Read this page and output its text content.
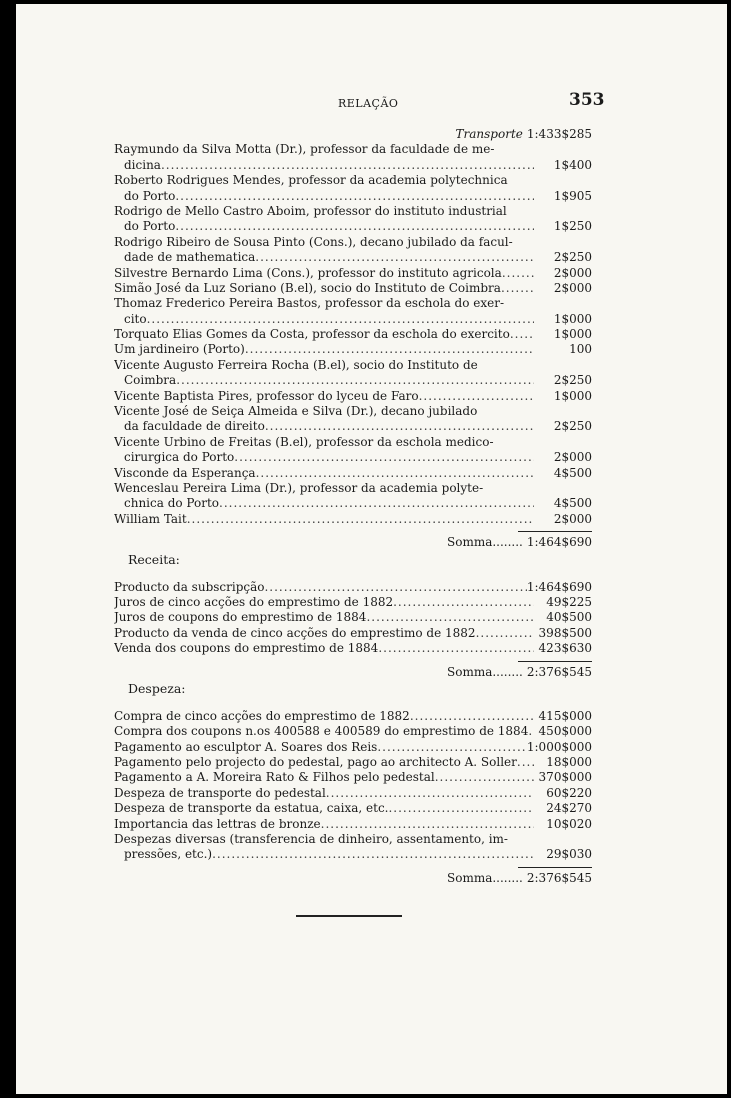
RELAÇÃO	353
Transporte 1:433$285
Raymundo da Silva Motta (Dr.), professor da faculdade de me-
dicina .....	1$400
Roberto Rodrigues Mendes, professor da academia polytechnica
do Porto .....	1$905
Rodrigo de Mello Castro Aboim, professor do instituto industrial
do Porto .....	1$250
Rodrigo Ribeiro de Sousa Pinto (Cons.), decano jubilado da facul-
dade de mathematica .....	2$250
Silvestre Bernardo Lima (Cons.), professor do instituto agricola .....	2$000
Simão José da Luz Soriano (B.el), socio do Instituto de Coimbra .....	2$000
Thomaz Frederico Pereira Bastos, professor da escholа do exer-
cito .....	1$000
Torquato Elias Gomes da Costa, professor da eschola do exercito .....	1$000
Um jardineiro (Porto) .....	100
Vicente Augusto Ferreira Rocha (B.el), socio do Instituto de
Coimbra .....	2$250
Vicente Baptista Pires, professor do lyceu de Faro .....	1$000
Vicente José de Seiça Almeida e Silva (Dr.), decano jubilado
da faculdade de direito .....	2$250
Vicente Urbino de Freitas (B.el), professor da eschola medico-
cirurgica do Porto .....	2$000
Visconde da Esperança .....	4$500
Wenceslau Pereira Lima (Dr.), professor da academia polyte-
chnica do Porto .....	4$500
William Tait .....	2$000
Somma........ 1:464$690
Receita:
Producto da subscripção .....	1:464$690
Juros de cinco acções do emprestimo de 1882 .....	49$225
Juros de coupons do emprestimo de 1884 .....	40$500
Producto da venda de cinco acções do emprestimo de 1882 .....	398$500
Venda dos coupons do emprestimo de 1884 .....	423$630
Somma........ 2:376$545
Despeza:
Compra de cinco acções do emprestimo de 1882 .....	415$000
Compra dos coupons n.os 400588 e 400589 do emprestimo de 1884 ..... 450$000
Pagamento ao esculptor A. Soares dos Reis .....	1:000$000
Pagamento pelo projecto do pedestal, pago ao architecto A. Soller .....	18$000
Pagamento a A. Moreira Rato & Filhos pelo pedestal .....	370$000
Despeza de transporte do pedestal .....	60$220
Despeza de transporte da estatua, caixa, etc. .....	24$270
Importancia das lettras de bronze .....	10$020
Despezas diversas (transferencia de dinheiro, assentamento, im-
pressões, etc.) .....	29$030
Somma........ 2:376$545
